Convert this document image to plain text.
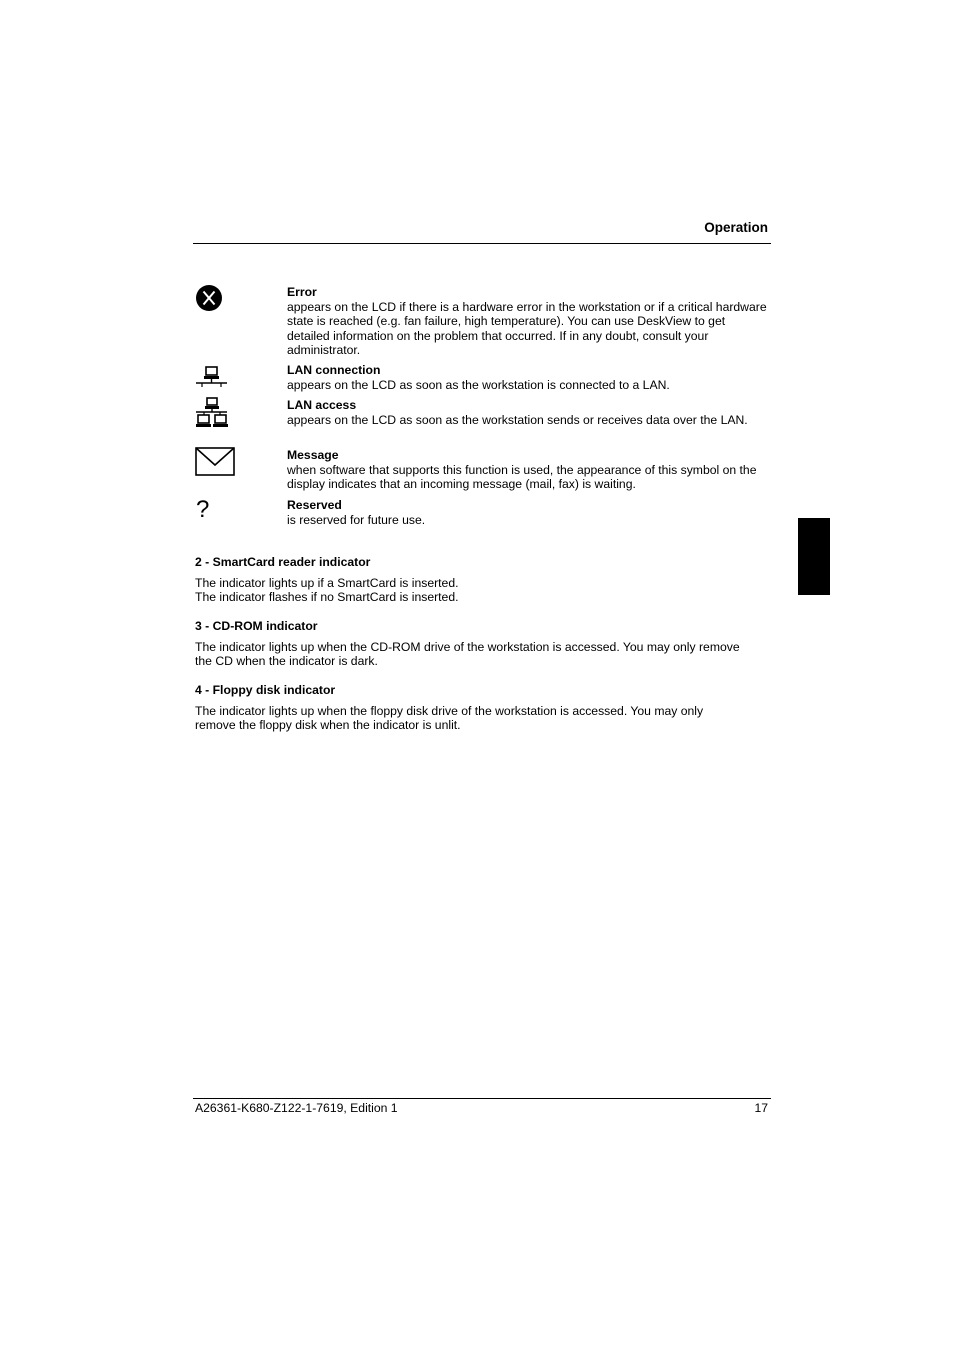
Operation
?
Error
appears on the LCD if there is a hardware error in the workstation or if a critical hardware state is reached (e.g. fan failure, high temperature). You can use DeskView to get detailed information on the problem that occurred. If in any doubt, consult your administrator.
LAN connection
appears on the LCD as soon as the workstation is connected to a LAN.
LAN access
appears on the LCD as soon as the workstation sends or receives data over the LAN.
Message
when software that supports this function is used, the appearance of this symbol on the display indicates that an incoming message (mail, fax) is waiting.
Reserved
is reserved for future use.
2 - SmartCard reader indicator
The indicator lights up if a SmartCard is inserted.
The indicator flashes if no SmartCard is inserted.
3 - CD-ROM indicator
The indicator lights up when the CD-ROM drive of the workstation is accessed. You may only remove the CD when the indicator is dark.
4 - Floppy disk indicator
The indicator lights up when the floppy disk drive of the workstation is accessed. You may only remove the floppy disk when the indicator is unlit.
A26361-K680-Z122-1-7619, Edition 1	17
